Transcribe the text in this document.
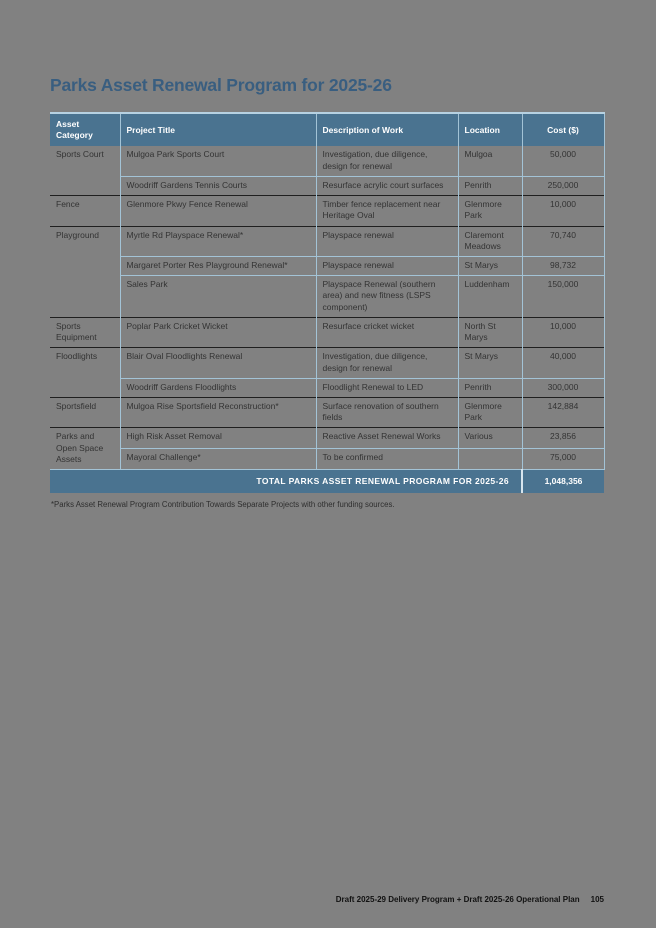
Parks Asset Renewal Program for 2025-26
Asset Category	Project Title	Description of Work	Location	Cost ($)
Sports Court	Mulgoa Park Sports Court	Investigation, due diligence, design for renewal	Mulgoa	50,000
	Woodriff Gardens Tennis Courts	Resurface acrylic court surfaces	Penrith	250,000
Fence	Glenmore Pkwy Fence Renewal	Timber fence replacement near Heritage Oval	Glenmore Park	10,000
Playground	Myrtle Rd Playspace Renewal*	Playspace renewal	Claremont Meadows	70,740
	Margaret Porter Res Playground Renewal*	Playspace renewal	St Marys	98,732
	Sales Park	Playspace Renewal (southern area) and new fitness (LSPS component)	Luddenham	150,000
Sports Equipment	Poplar Park Cricket Wicket	Resurface cricket wicket	North St Marys	10,000
Floodlights	Blair Oval Floodlights Renewal	Investigation, due diligence, design for renewal	St Marys	40,000
	Woodriff Gardens Floodlights	Floodlight Renewal to LED	Penrith	300,000
Sportsfield	Mulgoa Rise Sportsfield Reconstruction*	Surface renovation of southern fields	Glenmore Park	142,884
Parks and Open Space Assets	High Risk Asset Removal	Reactive Asset Renewal Works	Various	23,856
	Mayoral Challenge*	To be confirmed		75,000
TOTAL PARKS ASSET RENEWAL PROGRAM FOR 2025-26				1,048,356

*Parks Asset Renewal Program Contribution Towards Separate Projects with other funding sources.

Draft 2025-29 Delivery Program + Draft 2025-26 Operational Plan 105
